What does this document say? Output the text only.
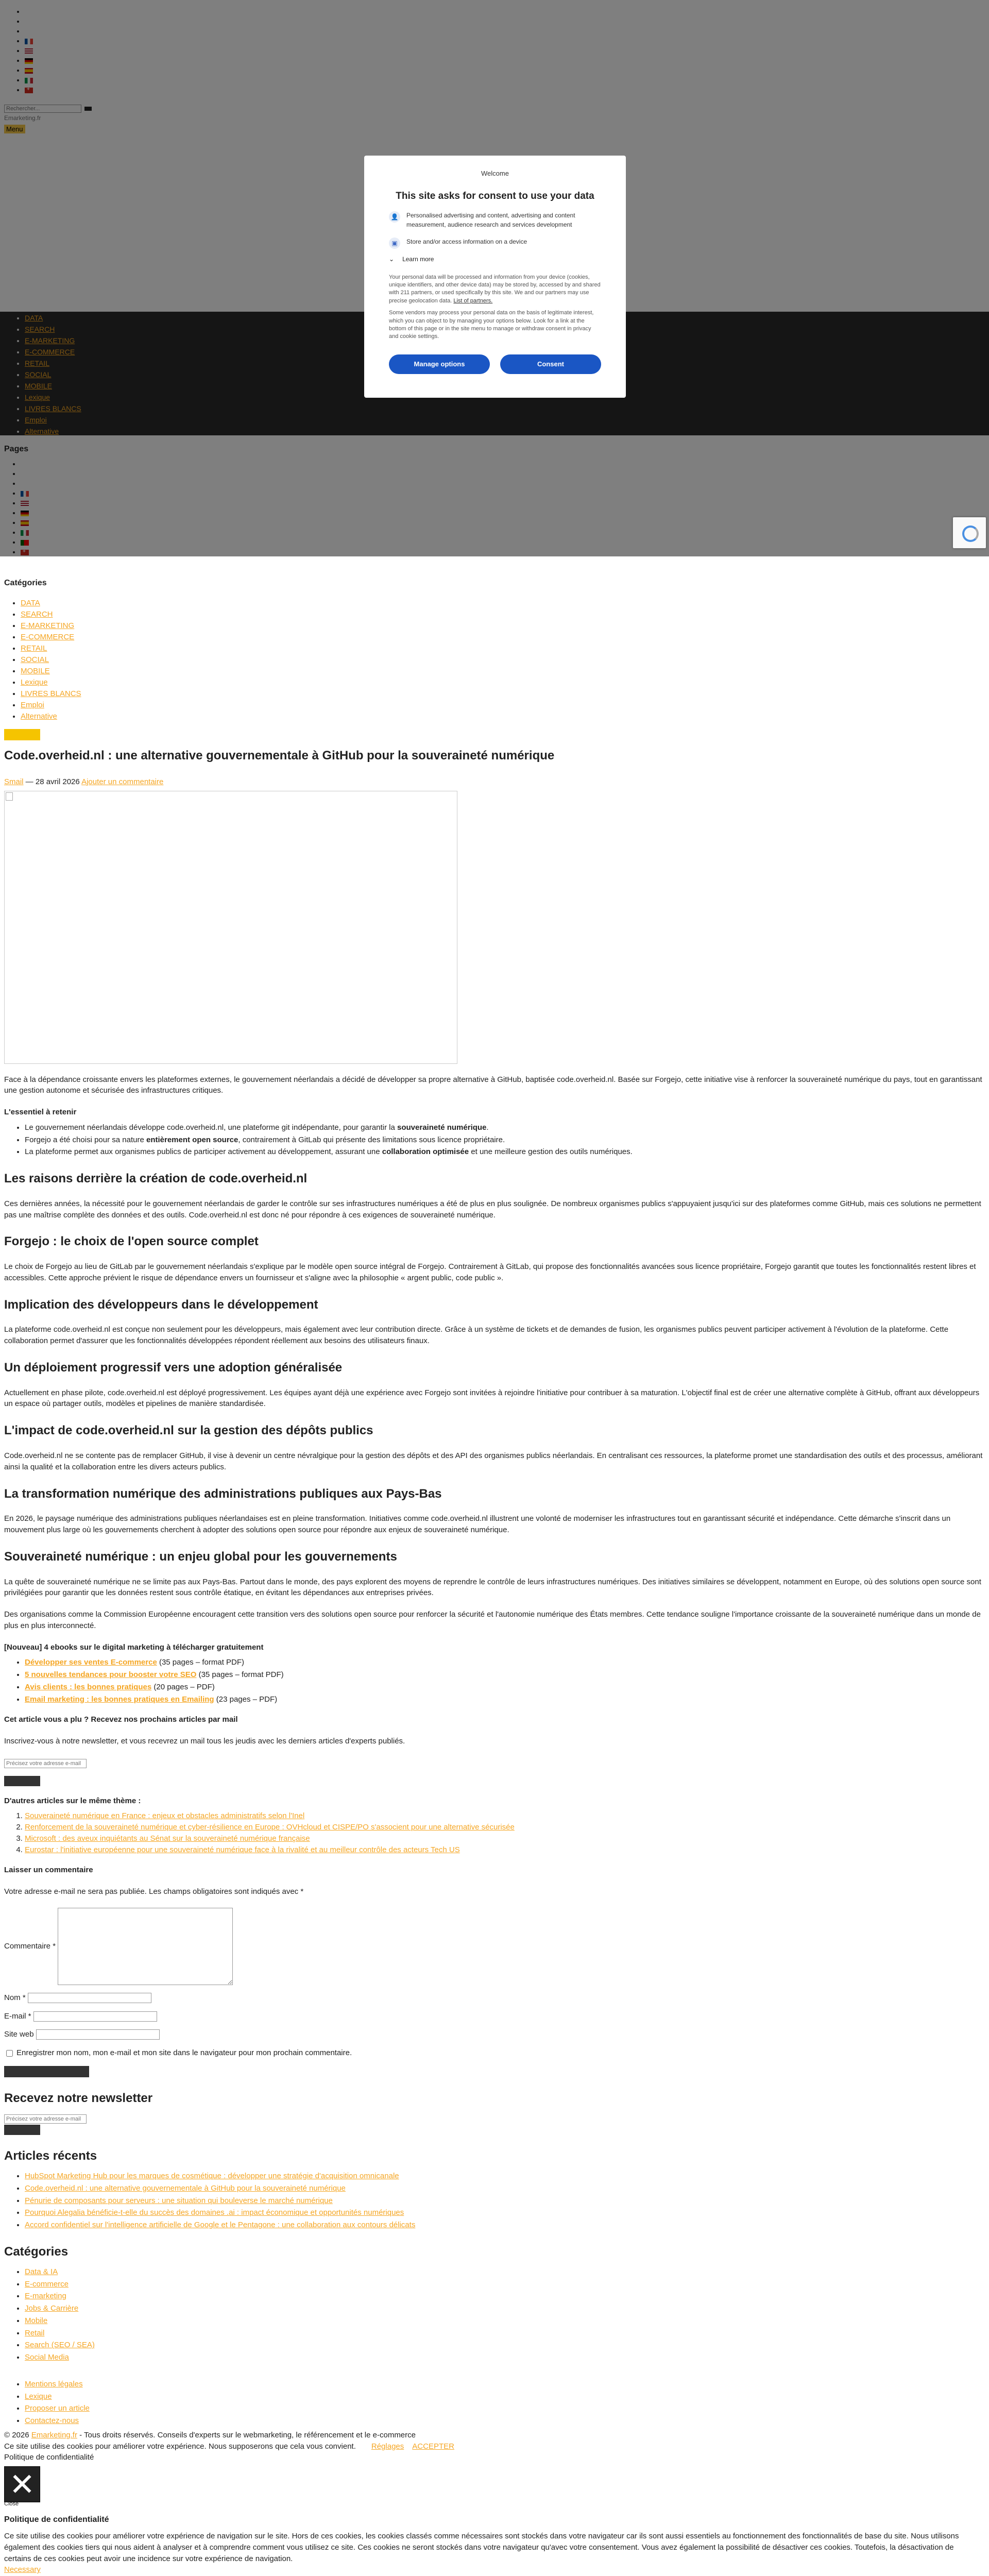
•
•
•
•
•
•
•
•
• +
Rechercher...
•
•
•
•
•
•
•
•
•
•
•
•
•
•
•
•
•
•
•
•
• +
Catégories
• DATA
• SEARCH
• E-MARKETING
• E-COMMERCE
• RETAIL
• SOCIAL
• MOBILE
• Lexique
• LIVRES BLANCS
• Emploi
• Alternative
Code.overheid.nl : une alternative gouvernementale à GitHub pour la souveraineté numérique
Smail — 28 avril 2026 Ajouter un commentaire

Face à la dépendance croissante envers les plateformes externes, le gouvernement néerlandais a décidé de développer sa propre alternative à GitHub, baptisée code.overheid.nl. Basée sur Forgejo, cette initiative vise à renforcer la souveraineté numérique du pays, tout en garantissant une gestion autonome et sécurisée des infrastructures critiques.

L'essentiel à retenir
• Le gouvernement néerlandais développe code.overheid.nl, une plateforme git indépendante, pour garantir la souveraineté numérique.
• Forgejo a été choisi pour sa nature entièrement open source, contrairement à GitLab qui présente des limitations sous licence propriétaire.
• La plateforme permet aux organismes publics de participer activement au développement, assurant une collaboration optimisée et une meilleure gestion des outils numériques.
Les raisons derrière la création de code.overheid.nl

Ces dernières années, la nécessité pour le gouvernement néerlandais de garder le contrôle sur ses infrastructures numériques a été de plus en plus soulignée. De nombreux organismes publics s'appuyaient jusqu'ici sur des plateformes comme GitHub, mais ces solutions ne permettent pas une maîtrise complète des données et des outils. Code.overheid.nl est donc né pour répondre à ces exigences de souveraineté numérique.

Forgejo : le choix de l'open source complet

Le choix de Forgejo au lieu de GitLab par le gouvernement néerlandais s'explique par le modèle open source intégral de Forgejo. Contrairement à GitLab, qui propose des fonctionnalités avancées sous licence propriétaire, Forgejo garantit que toutes les fonctionnalités restent libres et accessibles. Cette approche prévient le risque de dépendance envers un fournisseur et s'aligne avec la philosophie « argent public, code public ».

Implication des développeurs dans le développement

La plateforme code.overheid.nl est conçue non seulement pour les développeurs, mais également avec leur contribution directe. Grâce à un système de tickets et de demandes de fusion, les organismes publics peuvent participer activement à l'évolution de la plateforme. Cette collaboration permet d'assurer que les fonctionnalités développées répondent réellement aux besoins des utilisateurs finaux.

Un déploiement progressif vers une adoption généralisée

Actuellement en phase pilote, code.overheid.nl est déployé progressivement. Les équipes ayant déjà une expérience avec Forgejo sont invitées à rejoindre l'initiative pour contribuer à sa maturation. L'objectif final est de créer une alternative complète à GitHub, offrant aux développeurs un espace où partager outils, modèles et pipelines de manière standardisée.

L'impact de code.overheid.nl sur la gestion des dépôts publics

Code.overheid.nl ne se contente pas de remplacer GitHub, il vise à devenir un centre névralgique pour la gestion des dépôts et des API des organismes publics néerlandais. En centralisant ces ressources, la plateforme promet une standardisation des outils et des processus, améliorant ainsi la qualité et la collaboration entre les divers acteurs publics.

La transformation numérique des administrations publiques aux Pays-Bas

En 2026, le paysage numérique des administrations publiques néerlandaises est en pleine transformation. Initiatives comme code.overheid.nl illustrent une volonté de moderniser les infrastructures tout en garantissant sécurité et indépendance. Cette démarche s'inscrit dans un mouvement plus large où les gouvernements cherchent à adopter des solutions open source pour répondre aux enjeux de souveraineté numérique.

Souveraineté numérique : un enjeu global pour les gouvernements

La quête de souveraineté numérique ne se limite pas aux Pays-Bas. Partout dans le monde, des pays explorent des moyens de reprendre le contrôle de leurs infrastructures numériques. Des initiatives similaires se développent, notamment en Europe, où des solutions open source sont privilégiées pour garantir que les données restent sous contrôle étatique, en évitant les dépendances aux entreprises privées.

Des organisations comme la Commission Européenne encouragent cette transition vers des solutions open source pour renforcer la sécurité et l'autonomie numérique des États membres. Cette tendance souligne l'importance croissante de la souveraineté numérique dans un monde de plus en plus interconnecté.

[Nouveau] 4 ebooks sur le digital marketing à télécharger gratuitement
• Développer ses ventes E-commerce (35 pages – format PDF)
• 5 nouvelles tendances pour booster votre SEO (35 pages – format PDF)
• Avis clients : les bonnes pratiques (20 pages – PDF)
• Email marketing : les bonnes pratiques en Emailing (23 pages – PDF)
Cet article vous a plu ? Recevez nos prochains articles par mail

Inscrivez-vous à notre newsletter, et vous recevrez un mail tous les jeudis avec les derniers articles d'experts publiés.

Précisez votre adresse e-mail
D'autres articles sur le même thème :
1. Souveraineté numérique en France : enjeux et obstacles administratifs selon l'Inel
2. Renforcement de la souveraineté numérique et cyber-résilience en Europe : OVHcloud et CISPE/PO s'associent pour une alternative sécurisée
3. Microsoft : des aveux inquiétants au Sénat sur la souveraineté numérique française
4. Eurostar : l'initiative européenne pour une souveraineté numérique face à la rivalité et au meilleur contrôle des acteurs Tech US
Laisser un commentaire

Votre adresse e-mail ne sera pas publiée. Les champs obligatoires sont indiqués avec *

Commentaire *
Nom *
E-mail *
Site web
Enregistrer mon nom, mon e-mail et mon site dans le navigateur pour mon prochain commentaire.
Recevez notre newsletter
Précisez votre adresse e-mail
Articles récents
• HubSpot Marketing Hub pour les marques de cosmétique : développer une stratégie d'acquisition omnicanale
• Code.overheid.nl : une alternative gouvernementale à GitHub pour la souveraineté numérique
• Pénurie de composants pour serveurs : une situation qui bouleverse le marché numérique
• Pourquoi Alegalia bénéficie-t-elle du succès des domaines .ai : impact économique et opportunités numériques
• Accord confidentiel sur l'intelligence artificielle de Google et le Pentagone : une collaboration aux contours délicats
Catégories
• Data & IA
• E-commerce
• E-marketing
• Jobs & Carrière
• Mobile
• Retail
• Search (SEO / SEA)
• Social Media
• Mentions légales
• Lexique
• Proposer un article
• Contactez-nous
© 2026 Emarketing.fr - Tous droits réservés. Conseils d'experts sur le webmarketing, le référencement et le e-commerce
Ce site utilise des cookies pour améliorer votre expérience. Nous supposerons que cela vous convient. Réglages ACCEPTER
Politique de confidentialité
✕
Close
Politique de confidentialité
Ce site utilise des cookies pour améliorer votre expérience de navigation sur le site. Hors de ces cookies, les cookies classés comme nécessaires sont stockés dans votre navigateur car ils sont aussi essentiels au fonctionnement des fonctionnalités de base du site. Nous utilisons également des cookies tiers qui nous aident à analyser et à comprendre comment vous utilisez ce site. Ces cookies ne seront stockés dans votre navigateur qu'avec votre consentement. Vous avez également la possibilité de désactiver ces cookies. Toutefois, la désactivation de certains de ces cookies peut avoir une incidence sur votre expérience de navigation.
Necessary
Welcome
This site asks for consent to use your data
👤 Personalised advertising and content, advertising and content measurement, audience research and services development
▣	Store and/or access information on a device
⌄ Learn more
Your personal data will be processed and information from your device (cookies, unique identifiers, and other device data) may be stored by, accessed by and shared with 211 partners, or used specifically by this site. We and our partners may use precise geolocation data. List of partners.
Some vendors may process your personal data on the basis of legitimate interest, which you can object to by managing your options below. Look for a link at the bottom of this page or in the site menu to manage or withdraw consent in privacy and cookie settings.
Manage options	Consent
